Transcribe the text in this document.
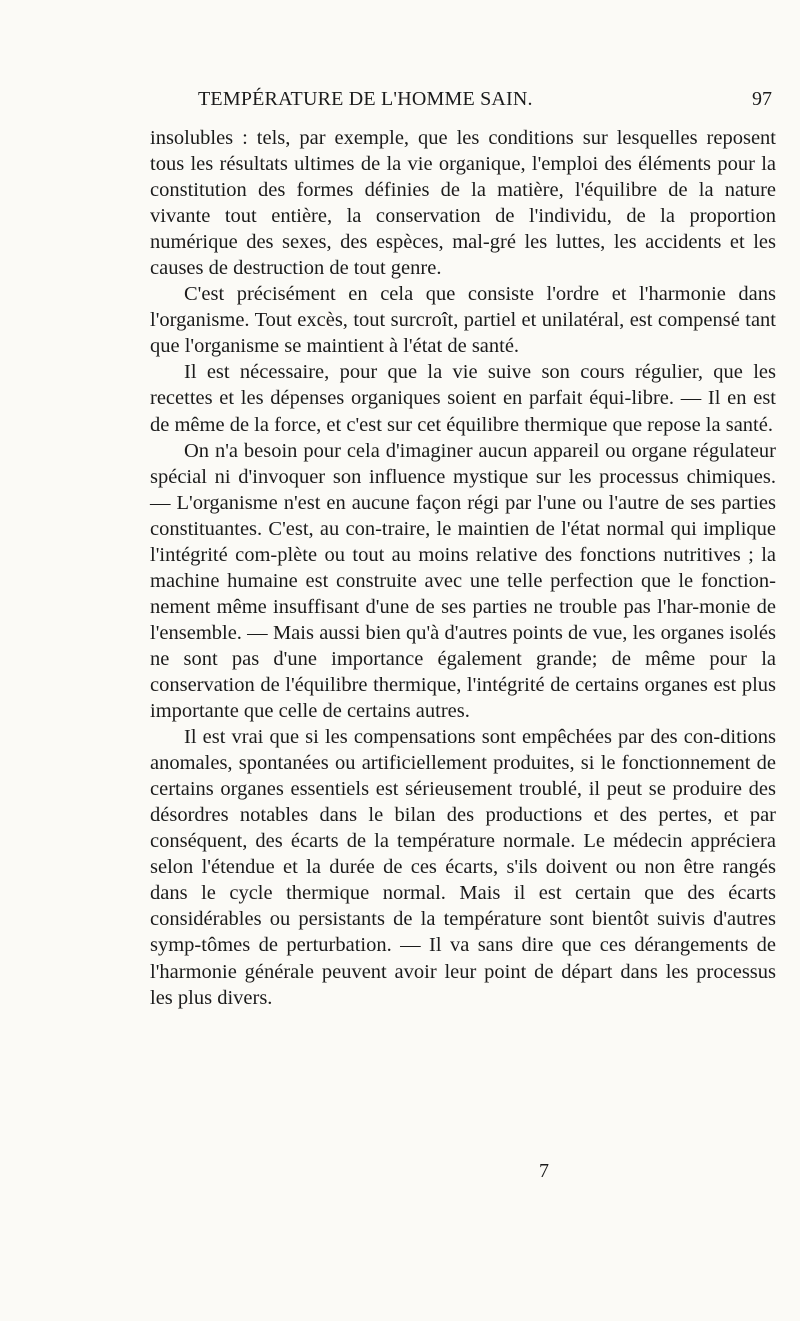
TEMPÉRATURE DE L'HOMME SAIN.	97

insolubles : tels, par exemple, que les conditions sur lesquelles reposent tous les résultats ultimes de la vie organique, l'emploi des éléments pour la constitution des formes définies de la matière, l'équilibre de la nature vivante tout entière, la conservation de l'individu, de la proportion numérique des sexes, des espèces, mal-gré les luttes, les accidents et les causes de destruction de tout genre.

C'est précisément en cela que consiste l'ordre et l'harmonie dans l'organisme. Tout excès, tout surcroît, partiel et unilatéral, est compensé tant que l'organisme se maintient à l'état de santé.

Il est nécessaire, pour que la vie suive son cours régulier, que les recettes et les dépenses organiques soient en parfait équi-libre. — Il en est de même de la force, et c'est sur cet équilibre thermique que repose la santé.

On n'a besoin pour cela d'imaginer aucun appareil ou organe régulateur spécial ni d'invoquer son influence mystique sur les processus chimiques. — L'organisme n'est en aucune façon régi par l'une ou l'autre de ses parties constituantes. C'est, au con-traire, le maintien de l'état normal qui implique l'intégrité com-plète ou tout au moins relative des fonctions nutritives ; la machine humaine est construite avec une telle perfection que le fonction-nement même insuffisant d'une de ses parties ne trouble pas l'har-monie de l'ensemble. — Mais aussi bien qu'à d'autres points de vue, les organes isolés ne sont pas d'une importance également grande; de même pour la conservation de l'équilibre thermique, l'intégrité de certains organes est plus importante que celle de certains autres.

Il est vrai que si les compensations sont empêchées par des con-ditions anomales, spontanées ou artificiellement produites, si le fonctionnement de certains organes essentiels est sérieusement troublé, il peut se produire des désordres notables dans le bilan des productions et des pertes, et par conséquent, des écarts de la température normale. Le médecin appréciera selon l'étendue et la durée de ces écarts, s'ils doivent ou non être rangés dans le cycle thermique normal. Mais il est certain que des écarts considérables ou persistants de la température sont bientôt suivis d'autres symp-tômes de perturbation. — Il va sans dire que ces dérangements de l'harmonie générale peuvent avoir leur point de départ dans les processus les plus divers.

7
